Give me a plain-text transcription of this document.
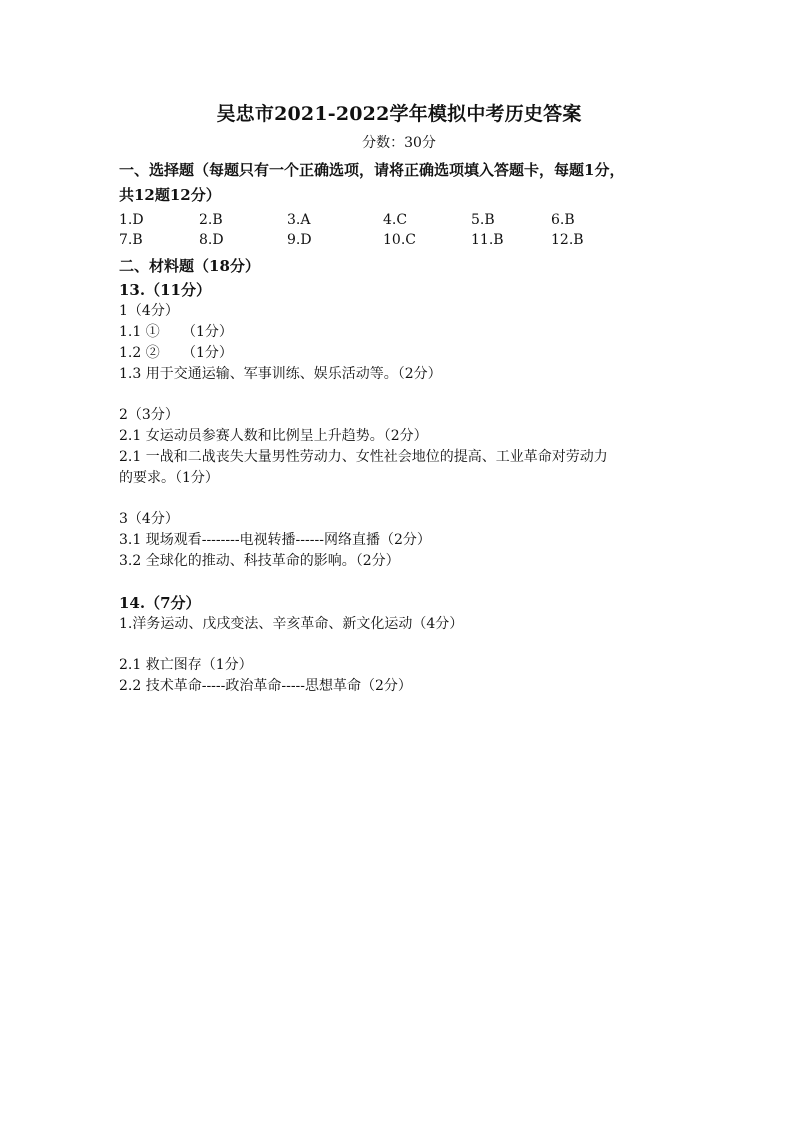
吴忠市2021-2022学年模拟中考历史答案
分数：30分

一、选择题（每题只有一个正确选项，请将正确选项填入答题卡，每题1分，

共12题12分）

1.D	2.B	3.A	4.C	5.B	6.B
7.B	8.D	9.D	10.C	11.B	12.B

二、材料题（18分）

13.（11分）

1（4分）

1.1 ①     （1分）

1.2 ②     （1分）

1.3 用于交通运输、军事训练、娱乐活动等。（2分）

2（3分）

2.1 女运动员参赛人数和比例呈上升趋势。（2分）

2.1 一战和二战丧失大量男性劳动力、女性社会地位的提高、工业革命对劳动力

的要求。（1分）

3（4分）

3.1 现场观看--------电视转播------网络直播（2分）

3.2 全球化的推动、科技革命的影响。（2分）

14.（7分）

1.洋务运动、戊戌变法、辛亥革命、新文化运动（4分）

2.1 救亡图存（1分）

2.2 技术革命-----政治革命-----思想革命（2分）
